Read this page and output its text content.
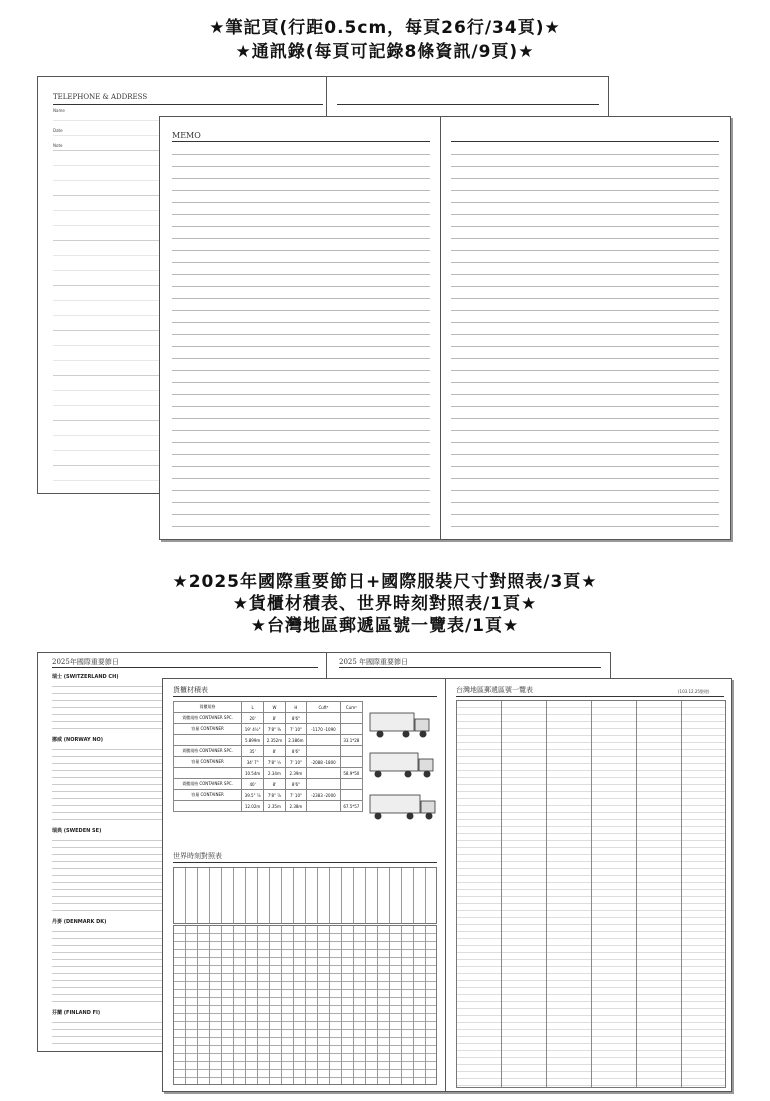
★筆記頁(行距0.5cm，每頁26行/34頁)★
★通訊錄(每頁可記錄8條資訊/9頁)★
TELEPHONE & ADDRESS
Name
Date
Note
MEMO
★2025年國際重要節日+國際服裝尺寸對照表/3頁★
★貨櫃材積表、世界時刻對照表/1頁★
★台灣地區郵遞區號一覽表/1頁★
2025年國際重要節日
瑞士 (SWITZERLAND CH)
挪威 (NORWAY NO)
瑞典 (SWEDEN SE)
丹麥 (DENMARK DK)
芬蘭 (FINLAND FI)
2025 年國際重要節日
貨櫃材積表
貨櫃規格	L	W	H	Cuft³	Cum³
貨櫃規格 CONTAINER SPC.	20'	8'	8'6"		
容量 CONTAINER	19' 4½"	7'8" ⅜	7' 10"	-1170 -1090	
	5.899m	2.352m	2.386m		33.1*28
貨櫃規格 CONTAINER SPC.	35'	8'	8'6"		
容量 CONTAINER	34' 7"	7'8" ½	7' 10"	-2088 -1800	
	10.54m	2.34m	2.39m		58.9*50
貨櫃規格 CONTAINER SPC.	40'	8'	8'6"		
容量 CONTAINER	39.5" ⅞	7'8" ⅞	7' 10"	-2383 -2000	
	12.02m	2.35m	2.38m		67.5*57
世界時刻對照表
台灣地區郵遞區號一覽表	(103.12.25整理)
